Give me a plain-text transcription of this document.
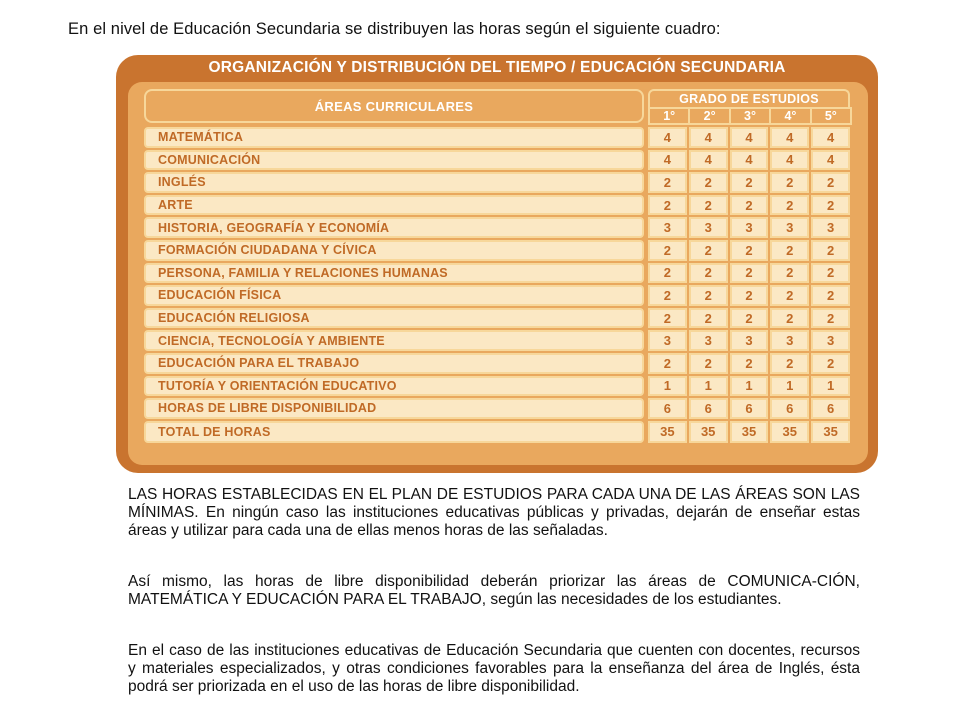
En el nivel de Educación Secundaria se distribuyen las horas según el siguiente cuadro:
ORGANIZACIÓN Y DISTRIBUCIÓN DEL TIEMPO / EDUCACIÓN SECUNDARIA
ÁREAS CURRICULARES	GRADO DE ESTUDIOS
1°	2°	3°	4°	5°
MATEMÁTICA	4	4	4	4	4
COMUNICACIÓN	4	4	4	4	4
INGLÉS	2	2	2	2	2
ARTE	2	2	2	2	2
HISTORIA, GEOGRAFÍA Y ECONOMÍA	3	3	3	3	3
FORMACIÓN CIUDADANA Y CÍVICA	2	2	2	2	2
PERSONA, FAMILIA Y RELACIONES HUMANAS	2	2	2	2	2
EDUCACIÓN FÍSICA	2	2	2	2	2
EDUCACIÓN RELIGIOSA	2	2	2	2	2
CIENCIA, TECNOLOGÍA Y AMBIENTE	3	3	3	3	3
EDUCACIÓN PARA EL TRABAJO	2	2	2	2	2
TUTORÍA Y ORIENTACIÓN EDUCATIVO	1	1	1	1	1
HORAS DE LIBRE DISPONIBILIDAD	6	6	6	6	6
TOTAL DE HORAS	35	35	35	35	35
LAS HORAS ESTABLECIDAS EN EL PLAN DE ESTUDIOS PARA CADA UNA DE LAS ÁREAS SON LAS MÍNIMAS. En ningún caso las instituciones educativas públicas y privadas, dejarán de enseñar estas áreas y utilizar para cada una de ellas menos horas de las señaladas.
Así mismo, las horas de libre disponibilidad deberán priorizar las áreas de COMUNICA-CIÓN, MATEMÁTICA Y EDUCACIÓN PARA EL TRABAJO, según las necesidades de los estudiantes.
En el caso de las instituciones educativas de Educación Secundaria que cuenten con docentes, recursos y materiales especializados, y otras condiciones favorables para la enseñanza del área de Inglés, ésta podrá ser priorizada en el uso de las horas de libre disponibilidad.
